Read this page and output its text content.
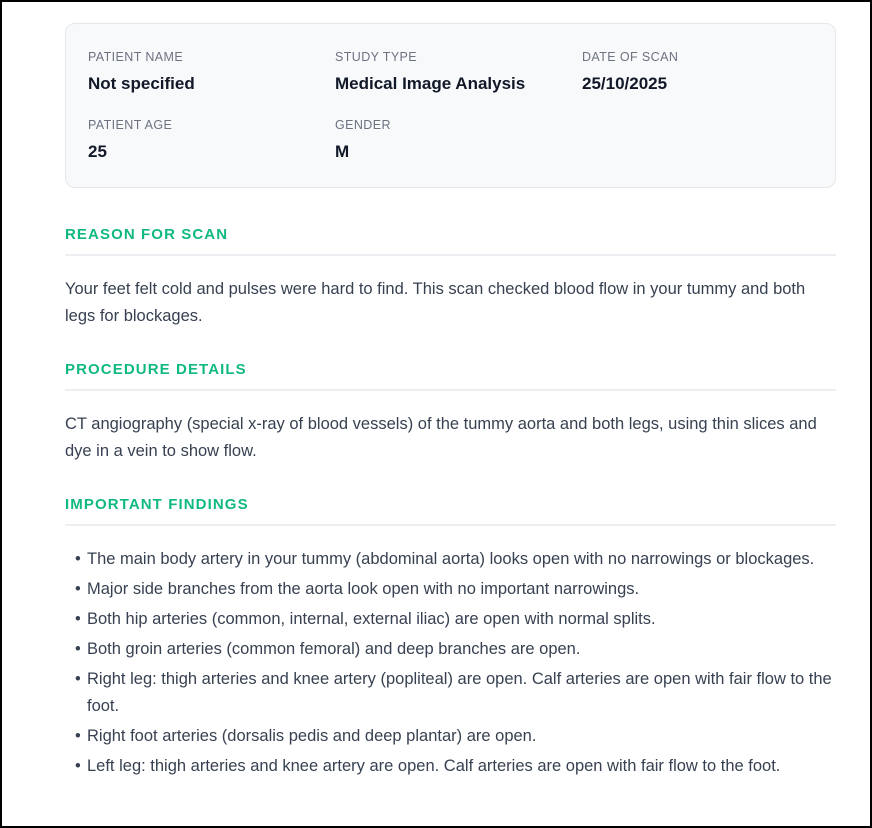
PATIENT NAME
Not specified
STUDY TYPE
Medical Image Analysis
DATE OF SCAN
25/10/2025
PATIENT AGE
25
GENDER
M
REASON FOR SCAN
Your feet felt cold and pulses were hard to find. This scan checked blood flow in your tummy and both legs for blockages.
PROCEDURE DETAILS
CT angiography (special x-ray of blood vessels) of the tummy aorta and both legs, using thin slices and dye in a vein to show flow.
IMPORTANT FINDINGS
• The main body artery in your tummy (abdominal aorta) looks open with no narrowings or blockages.
• Major side branches from the aorta look open with no important narrowings.
• Both hip arteries (common, internal, external iliac) are open with normal splits.
• Both groin arteries (common femoral) and deep branches are open.
• Right leg: thigh arteries and knee artery (popliteal) are open. Calf arteries are open with fair flow to the foot.
• Right foot arteries (dorsalis pedis and deep plantar) are open.
• Left leg: thigh arteries and knee artery are open. Calf arteries are open with fair flow to the foot.
